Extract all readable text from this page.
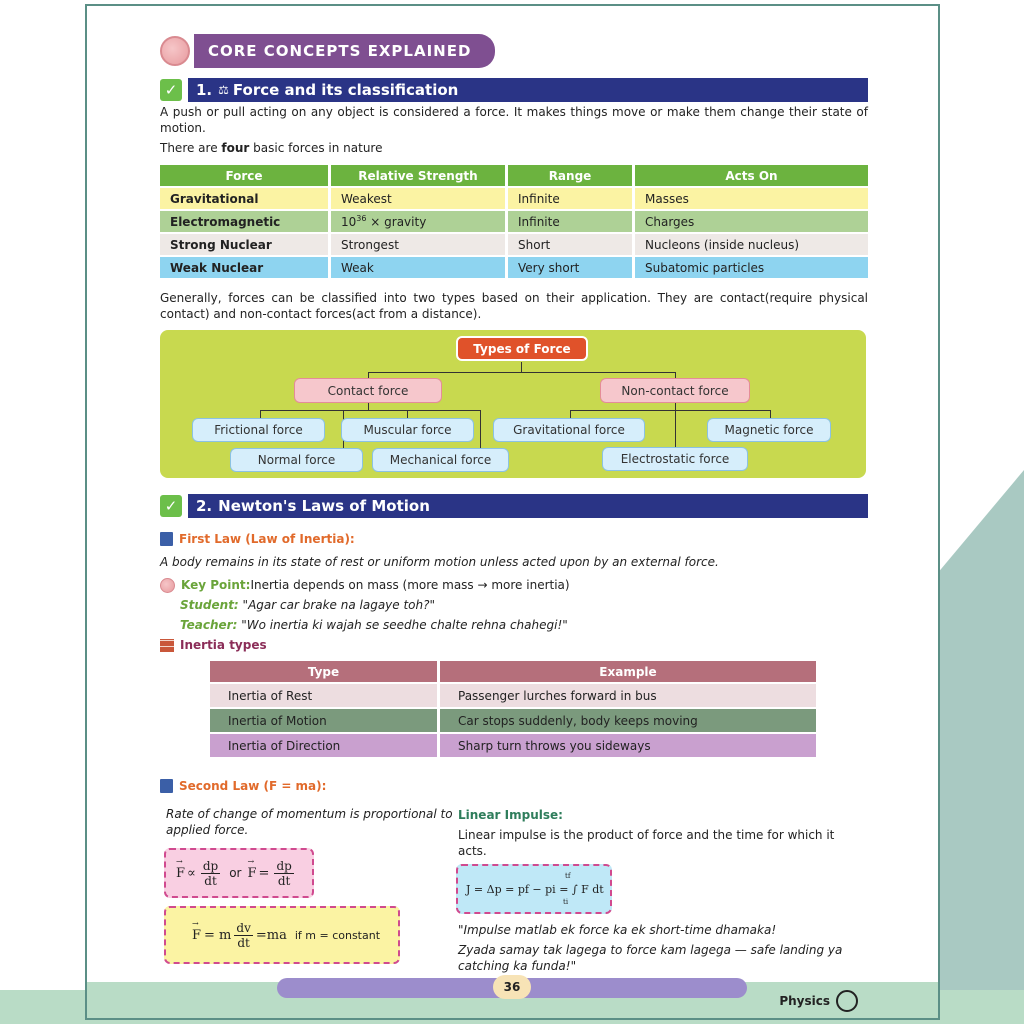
CORE CONCEPTS EXPLAINED
✓	1. ⚖ Force and its classification
A push or pull acting on any object is considered a force. It makes things move or make them change their state of motion.
There are four basic forces in nature
Force	Relative Strength	Range	Acts On
Gravitational	Weakest	Infinite	Masses
Electromagnetic	$10^{36}$ × gravity	Infinite	Charges
Strong Nuclear	Strongest	Short	Nucleons (inside nucleus)
Weak Nuclear	Weak	Very short	Subatomic particles
Generally, forces can be classified into two types based on their application. They are contact(require physical contact) and non-contact forces(act from a distance).
Types of Force
Contact force	Non-contact force
Frictional force	Muscular force
Normal force	Mechanical force
Gravitational force	Magnetic force
Electrostatic force
✓	2. Newton's Laws of Motion
First Law (Law of Inertia):
A body remains in its state of rest or uniform motion unless acted upon by an external force.
Key Point: Inertia depends on mass (more mass → more inertia)
Student: "Agar car brake na lagaye toh?"
Teacher: "Wo inertia ki wajah se seedhe chalte rehna chahegi!"
Inertia types
Type	Example
Inertia of Rest	Passenger lurches forward in bus
Inertia of Motion	Car stops suddenly, body keeps moving
Inertia of Direction	Sharp turn throws you sideways
Second Law (F = ma):
Rate of change of momentum is proportional to applied force.
→ $F \propto \frac{dp}{dt}$ or → $F = \frac{dp}{dt}$
→ F = m $\frac{dv}{dt} =ma$ if m = constant
Linear Impulse:
Linear impulse is the product of force and the time for which it acts.
J = Δp = pf − pi = ∫ F dt
tf
ti
"Impulse matlab ek force ka ek short-time dhamaka!
Zyada samay tak lagega to force kam lagega — safe landing ya catching ka funda!"
36
Physics
